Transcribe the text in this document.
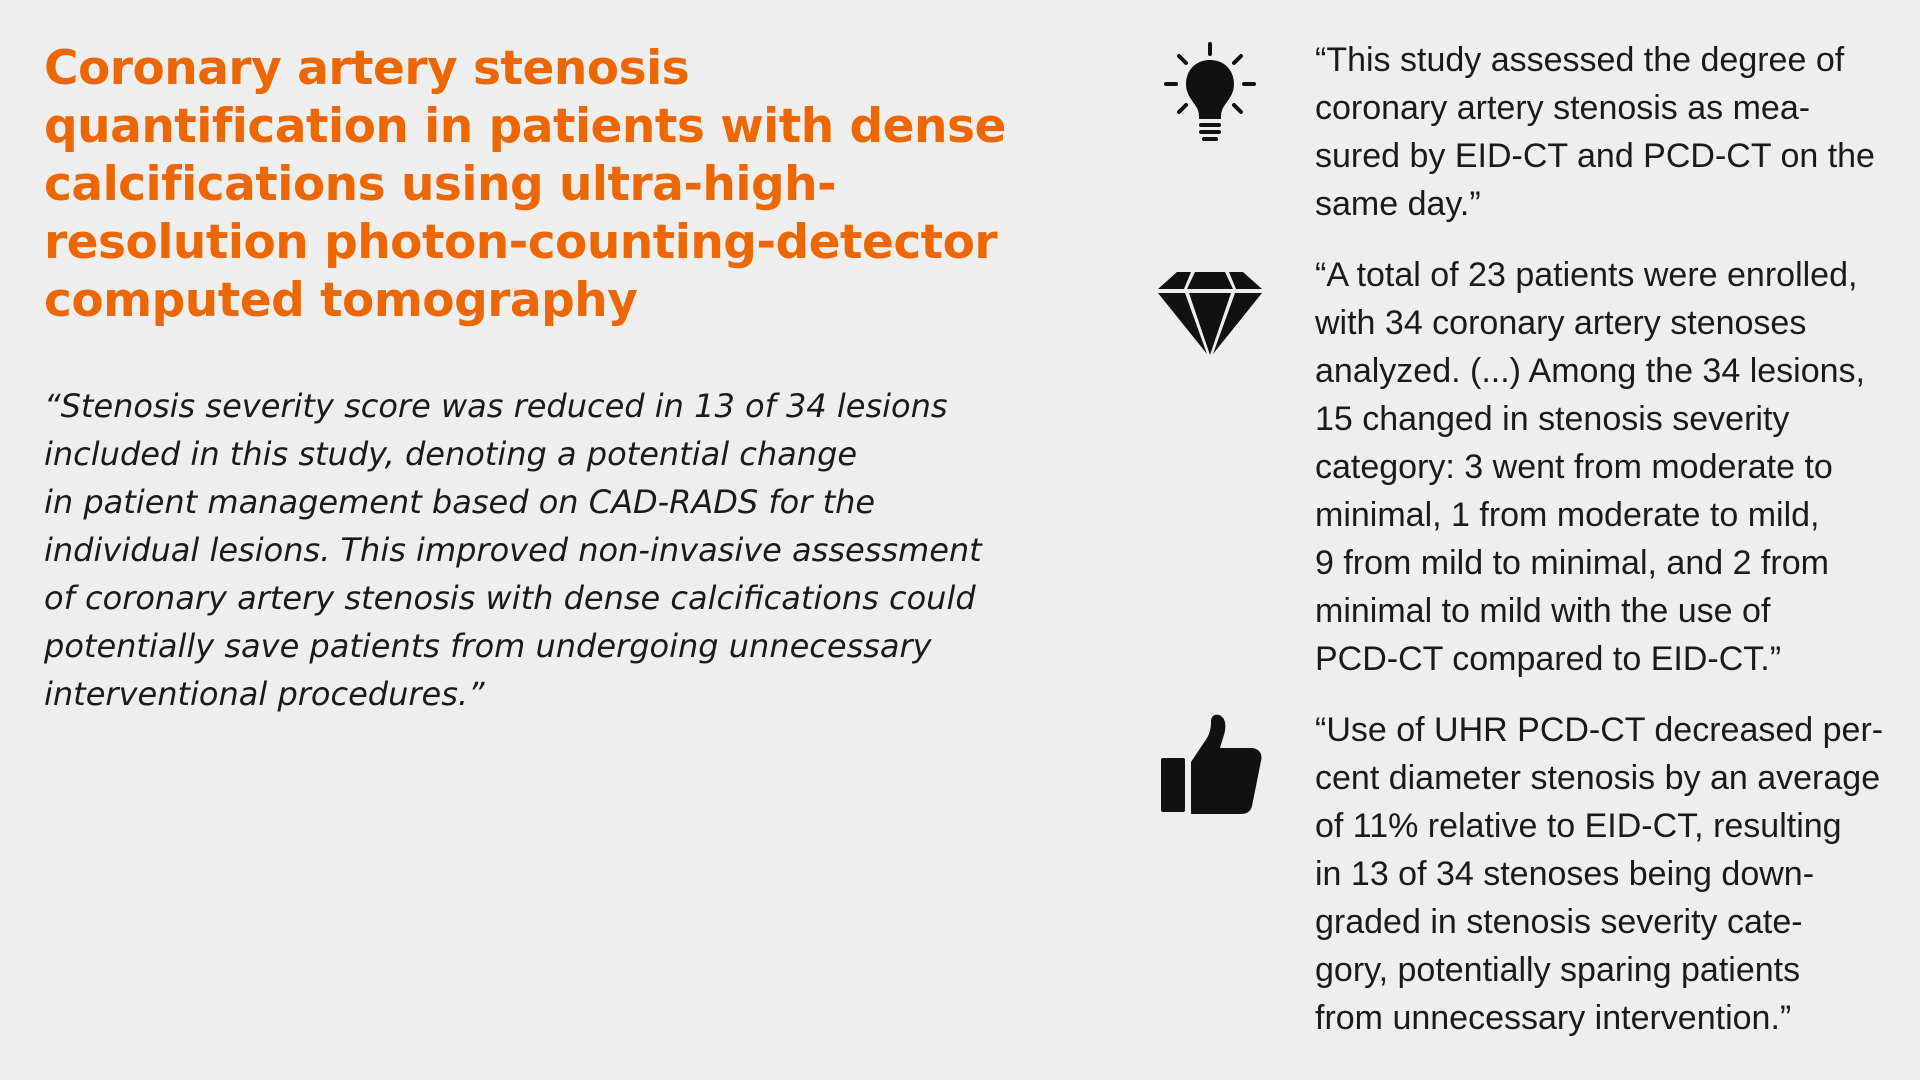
Coronary artery stenosis
quantification in patients with dense
calcifications using ultra-high-
resolution photon-counting-detector
computed tomography
“Stenosis severity score was reduced in 13 of 34 lesions
included in this study, denoting a potential change
in patient management based on CAD-RADS for the
individual lesions. This improved non-invasive assessment
of coronary artery stenosis with dense calcifications could
potentially save patients from undergoing unnecessary
interventional procedures.”
“This study assessed the degree of
coronary artery stenosis as mea-
sured by EID-CT and PCD-CT on the
same day.”
“A total of 23 patients were enrolled,
with 34 coronary artery stenoses
analyzed. (...) Among the 34 lesions,
15 changed in stenosis severity
category: 3 went from moderate to
minimal, 1 from moderate to mild,
9 from mild to minimal, and 2 from
minimal to mild with the use of
PCD-CT compared to EID-CT.”
“Use of UHR PCD-CT decreased per-
cent diameter stenosis by an average
of 11% relative to EID-CT, resulting
in 13 of 34 stenoses being down-
graded in stenosis severity cate-
gory, potentially sparing patients
from unnecessary intervention.”
